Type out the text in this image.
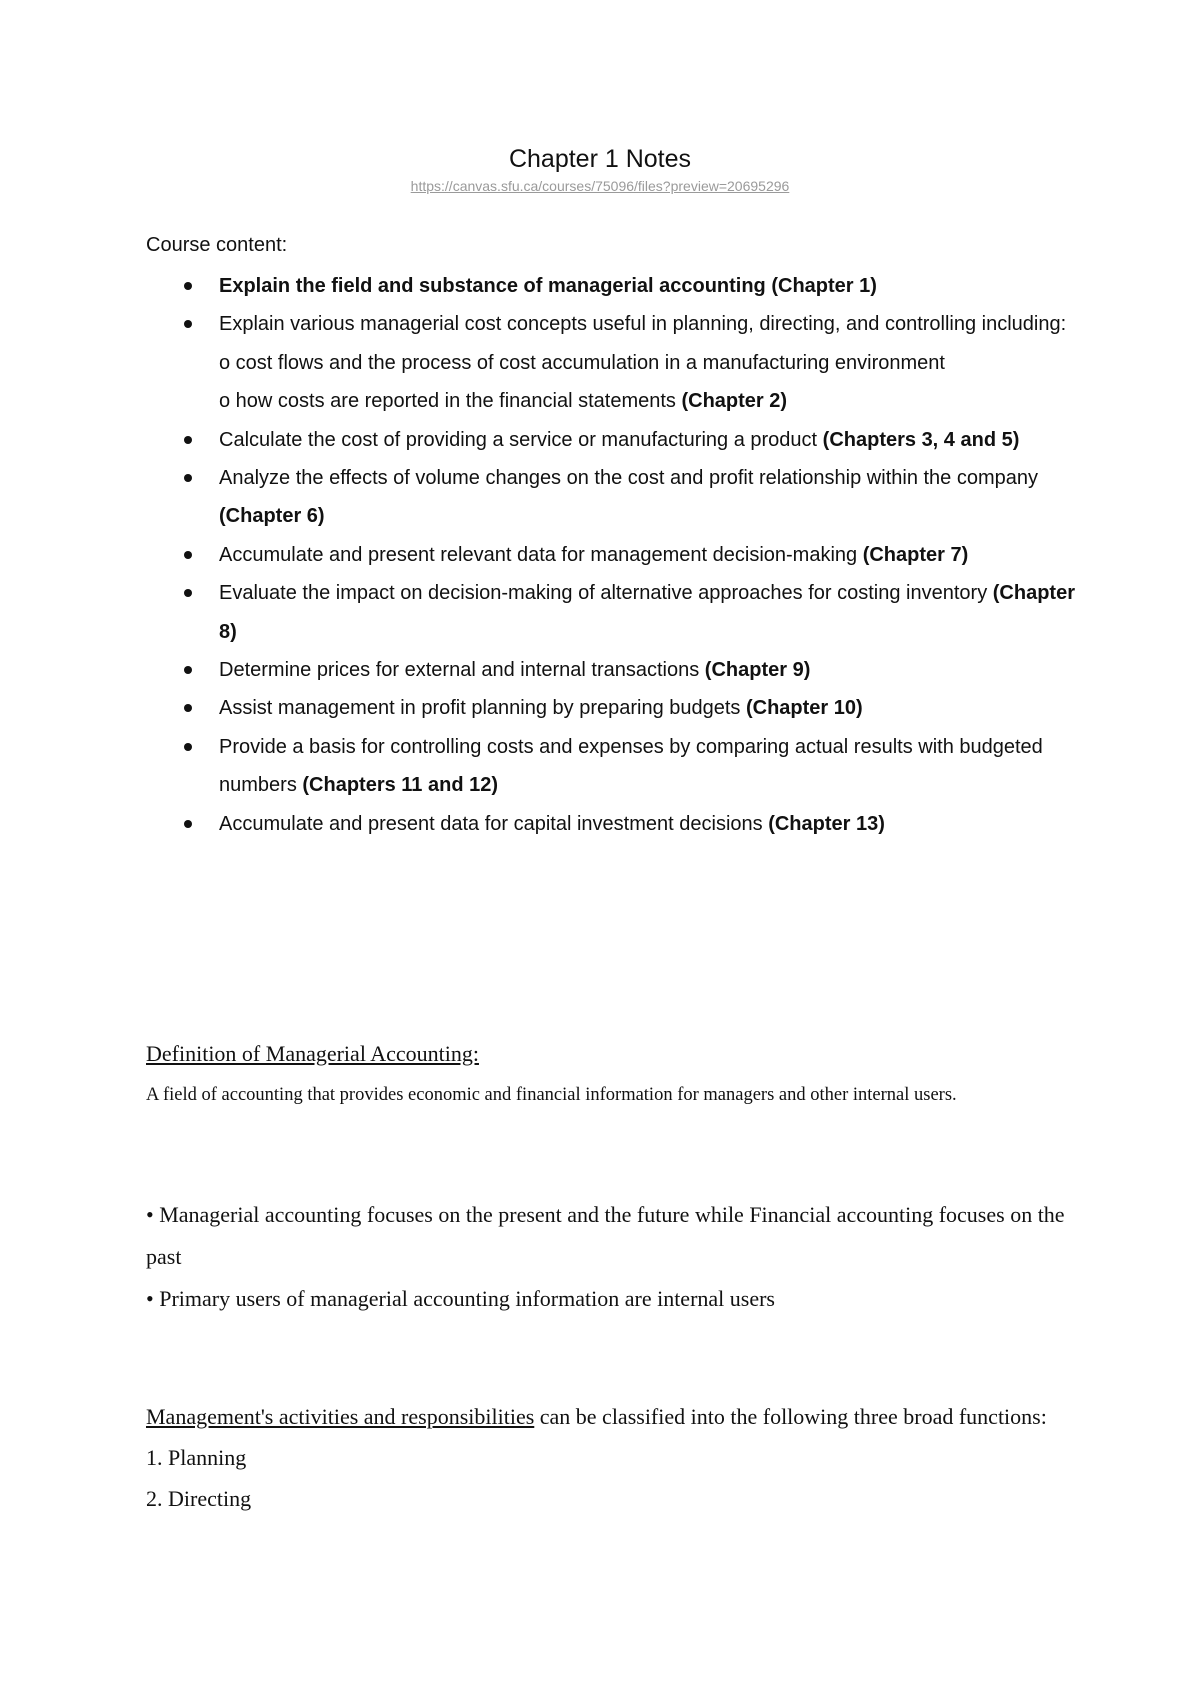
Chapter 1 Notes
https://canvas.sfu.ca/courses/75096/files?preview=20695296
Course content:
Explain the field and substance of managerial accounting (Chapter 1)
Explain various managerial cost concepts useful in planning, directing, and controlling including:
o cost flows and the process of cost accumulation in a manufacturing environment
o how costs are reported in the financial statements (Chapter 2)
Calculate the cost of providing a service or manufacturing a product (Chapters 3, 4 and 5)
Analyze the effects of volume changes on the cost and profit relationship within the company (Chapter 6)
Accumulate and present relevant data for management decision-making (Chapter 7)
Evaluate the impact on decision-making of alternative approaches for costing inventory (Chapter 8)
Determine prices for external and internal transactions (Chapter 9)
Assist management in profit planning by preparing budgets (Chapter 10)
Provide a basis for controlling costs and expenses by comparing actual results with budgeted numbers (Chapters 11 and 12)
Accumulate and present data for capital investment decisions (Chapter 13)
Definition of Managerial Accounting:
A field of accounting that provides economic and financial information for managers and other internal users.

• Managerial accounting focuses on the present and the future while Financial accounting focuses on the past

• Primary users of managerial accounting information are internal users

Management's activities and responsibilities can be classified into the following three broad functions:

1. Planning

2. Directing
